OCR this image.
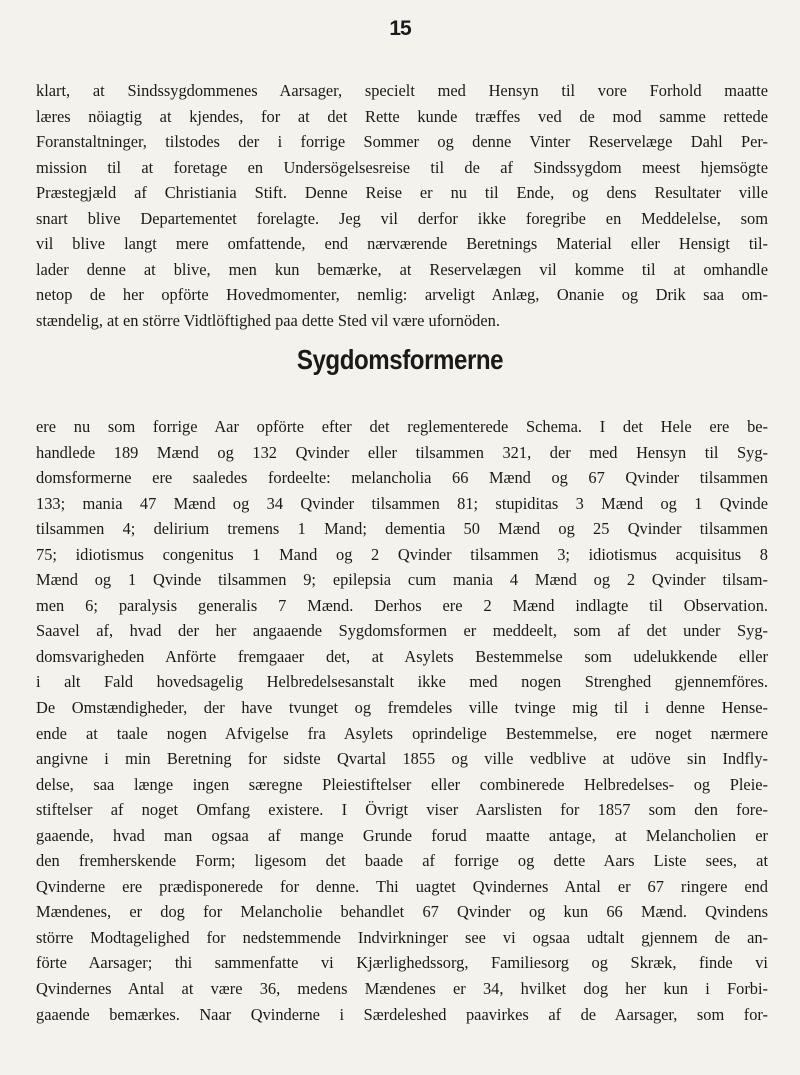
15
klart, at Sindssygdommenes Aarsager, specielt med Hensyn til vore Forhold maatte
læres nöiagtig at kjendes, for at det Rette kunde træffes ved de mod samme rettede
Foranstaltninger, tilstodes der i forrige Sommer og denne Vinter Reservelæge Dahl Per-
mission til at foretage en Undersögelsesreise til de af Sindssygdom meest hjemsögte
Præstegjæld af Christiania Stift. Denne Reise er nu til Ende, og dens Resultater ville
snart blive Departementet forelagte. Jeg vil derfor ikke foregribe en Meddelelse, som
vil blive langt mere omfattende, end nærværende Beretnings Material eller Hensigt til-
lader denne at blive, men kun bemærke, at Reservelægen vil komme til at omhandle
netop de her opförte Hovedmomenter, nemlig: arveligt Anlæg, Onanie og Drik saa om-
stændelig, at en större Vidtlöftighed paa dette Sted vil være ufornöden.
Sygdomsformerne
ere nu som forrige Aar opförte efter det reglementerede Schema. I det Hele ere be-
handlede 189 Mænd og 132 Qvinder eller tilsammen 321, der med Hensyn til Syg-
domsformerne ere saaledes fordeelte: melancholia 66 Mænd og 67 Qvinder tilsammen
133; mania 47 Mænd og 34 Qvinder tilsammen 81; stupiditas 3 Mænd og 1 Qvinde
tilsammen 4; delirium tremens 1 Mand; dementia 50 Mænd og 25 Qvinder tilsammen
75; idiotismus congenitus 1 Mand og 2 Qvinder tilsammen 3; idiotismus acquisitus 8
Mænd og 1 Qvinde tilsammen 9; epilepsia cum mania 4 Mænd og 2 Qvinder tilsam-
men 6; paralysis generalis 7 Mænd. Derhos ere 2 Mænd indlagte til Observation.
Saavel af, hvad der her angaaende Sygdomsformen er meddeelt, som af det under Syg-
domsvarigheden Anförte fremgaaer det, at Asylets Bestemmelse som udelukkende eller
i alt Fald hovedsagelig Helbredelsesanstalt ikke med nogen Strenghed gjennemföres.
De Omstændigheder, der have tvunget og fremdeles ville tvinge mig til i denne Hense-
ende at taale nogen Afvigelse fra Asylets oprindelige Bestemmelse, ere noget nærmere
angivne i min Beretning for sidste Qvartal 1855 og ville vedblive at udöve sin Indfly-
delse, saa længe ingen særegne Pleiestiftelser eller combinerede Helbredelses- og Pleie-
stiftelser af noget Omfang existere. I Övrigt viser Aarslisten for 1857 som den fore-
gaaende, hvad man ogsaa af mange Grunde forud maatte antage, at Melancholien er
den fremherskende Form; ligesom det baade af forrige og dette Aars Liste sees, at
Qvinderne ere prædisponerede for denne. Thi uagtet Qvindernes Antal er 67 ringere end
Mændenes, er dog for Melancholie behandlet 67 Qvinder og kun 66 Mænd. Qvindens
större Modtagelighed for nedstemmende Indvirkninger see vi ogsaa udtalt gjennem de an-
förte Aarsager; thi sammenfatte vi Kjærlighedssorg, Familiesorg og Skræk, finde vi
Qvindernes Antal at være 36, medens Mændenes er 34, hvilket dog her kun i Forbi-
gaaende bemærkes. Naar Qvinderne i Særdeleshed paavirkes af de Aarsager, som for-
